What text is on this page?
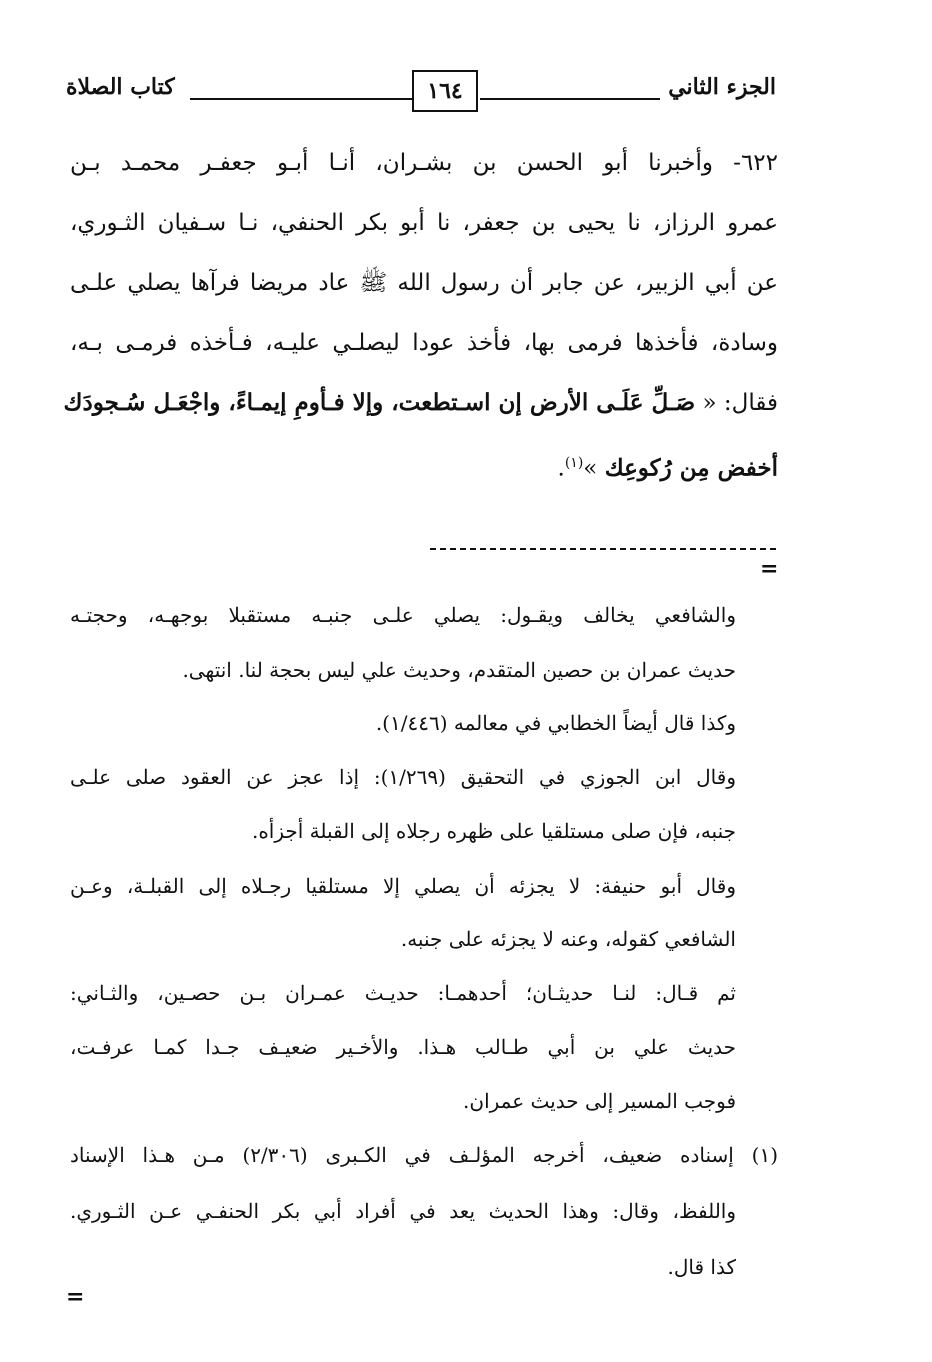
كتاب الصلاة	١٦٤	الجزء الثاني
٦٢٢- وأخبرنا أبو الحسن بن بشـران، أنـا أبـو جعفـر محمـد بـن
عمرو الرزاز، نا يحيى بن جعفر، نا أبو بكر الحنفي، نـا سـفيان الثـوري،
عن أبي الزبير، عن جابر أن رسول الله ﷺ عاد مريضا فرآها يصلي علـى
وسادة، فأخذها فرمى بها، فأخذ عودا ليصلـي عليـه، فـأخذه فرمـى بـه،
فقال: « صَـلِّ عَلَـى الأرض إن اسـتطعت، وإلا فـأومِ إيمـاءً، واجْعَـل سُـجودَك
أخفض مِن رُكوعِك »$^{(١)}$.
=
والشافعي يخالف ويقـول: يصلي علـى جنبـه مستقبلا بوجهـه، وحجتـه
حديث عمران بن حصين المتقدم، وحديث علي ليس بحجة لنا. انتهى.
وكذا قال أيضاً الخطابي في معالمه (١/٤٤٦).
وقال ابن الجوزي في التحقيق (١/٢٦٩): إذا عجز عن العقود صلى علـى
جنبه، فإن صلى مستلقيا على ظهره رجلاه إلى القبلة أجزأه.
وقال أبو حنيفة: لا يجزئه أن يصلي إلا مستلقيا رجـلاه إلى القبلـة، وعـن
الشافعي كقوله، وعنه لا يجزئه على جنبه.
ثم قـال: لنـا حديثـان؛ أحدهمـا: حديـث عمـران بـن حصـين، والثـاني:
حديث علي بن أبي طـالب هـذا. والأخـير ضعيـف جـدا كمـا عرفـت،
فوجب المسير إلى حديث عمران.
(١) إسناده ضعيف، أخرجه المؤلـف في الكـبرى (٢/٣٠٦) مـن هـذا الإسناد
واللفظ، وقال: وهذا الحديث يعد في أفراد أبي بكر الحنفـي عـن الثـوري.
كذا قال.
=
